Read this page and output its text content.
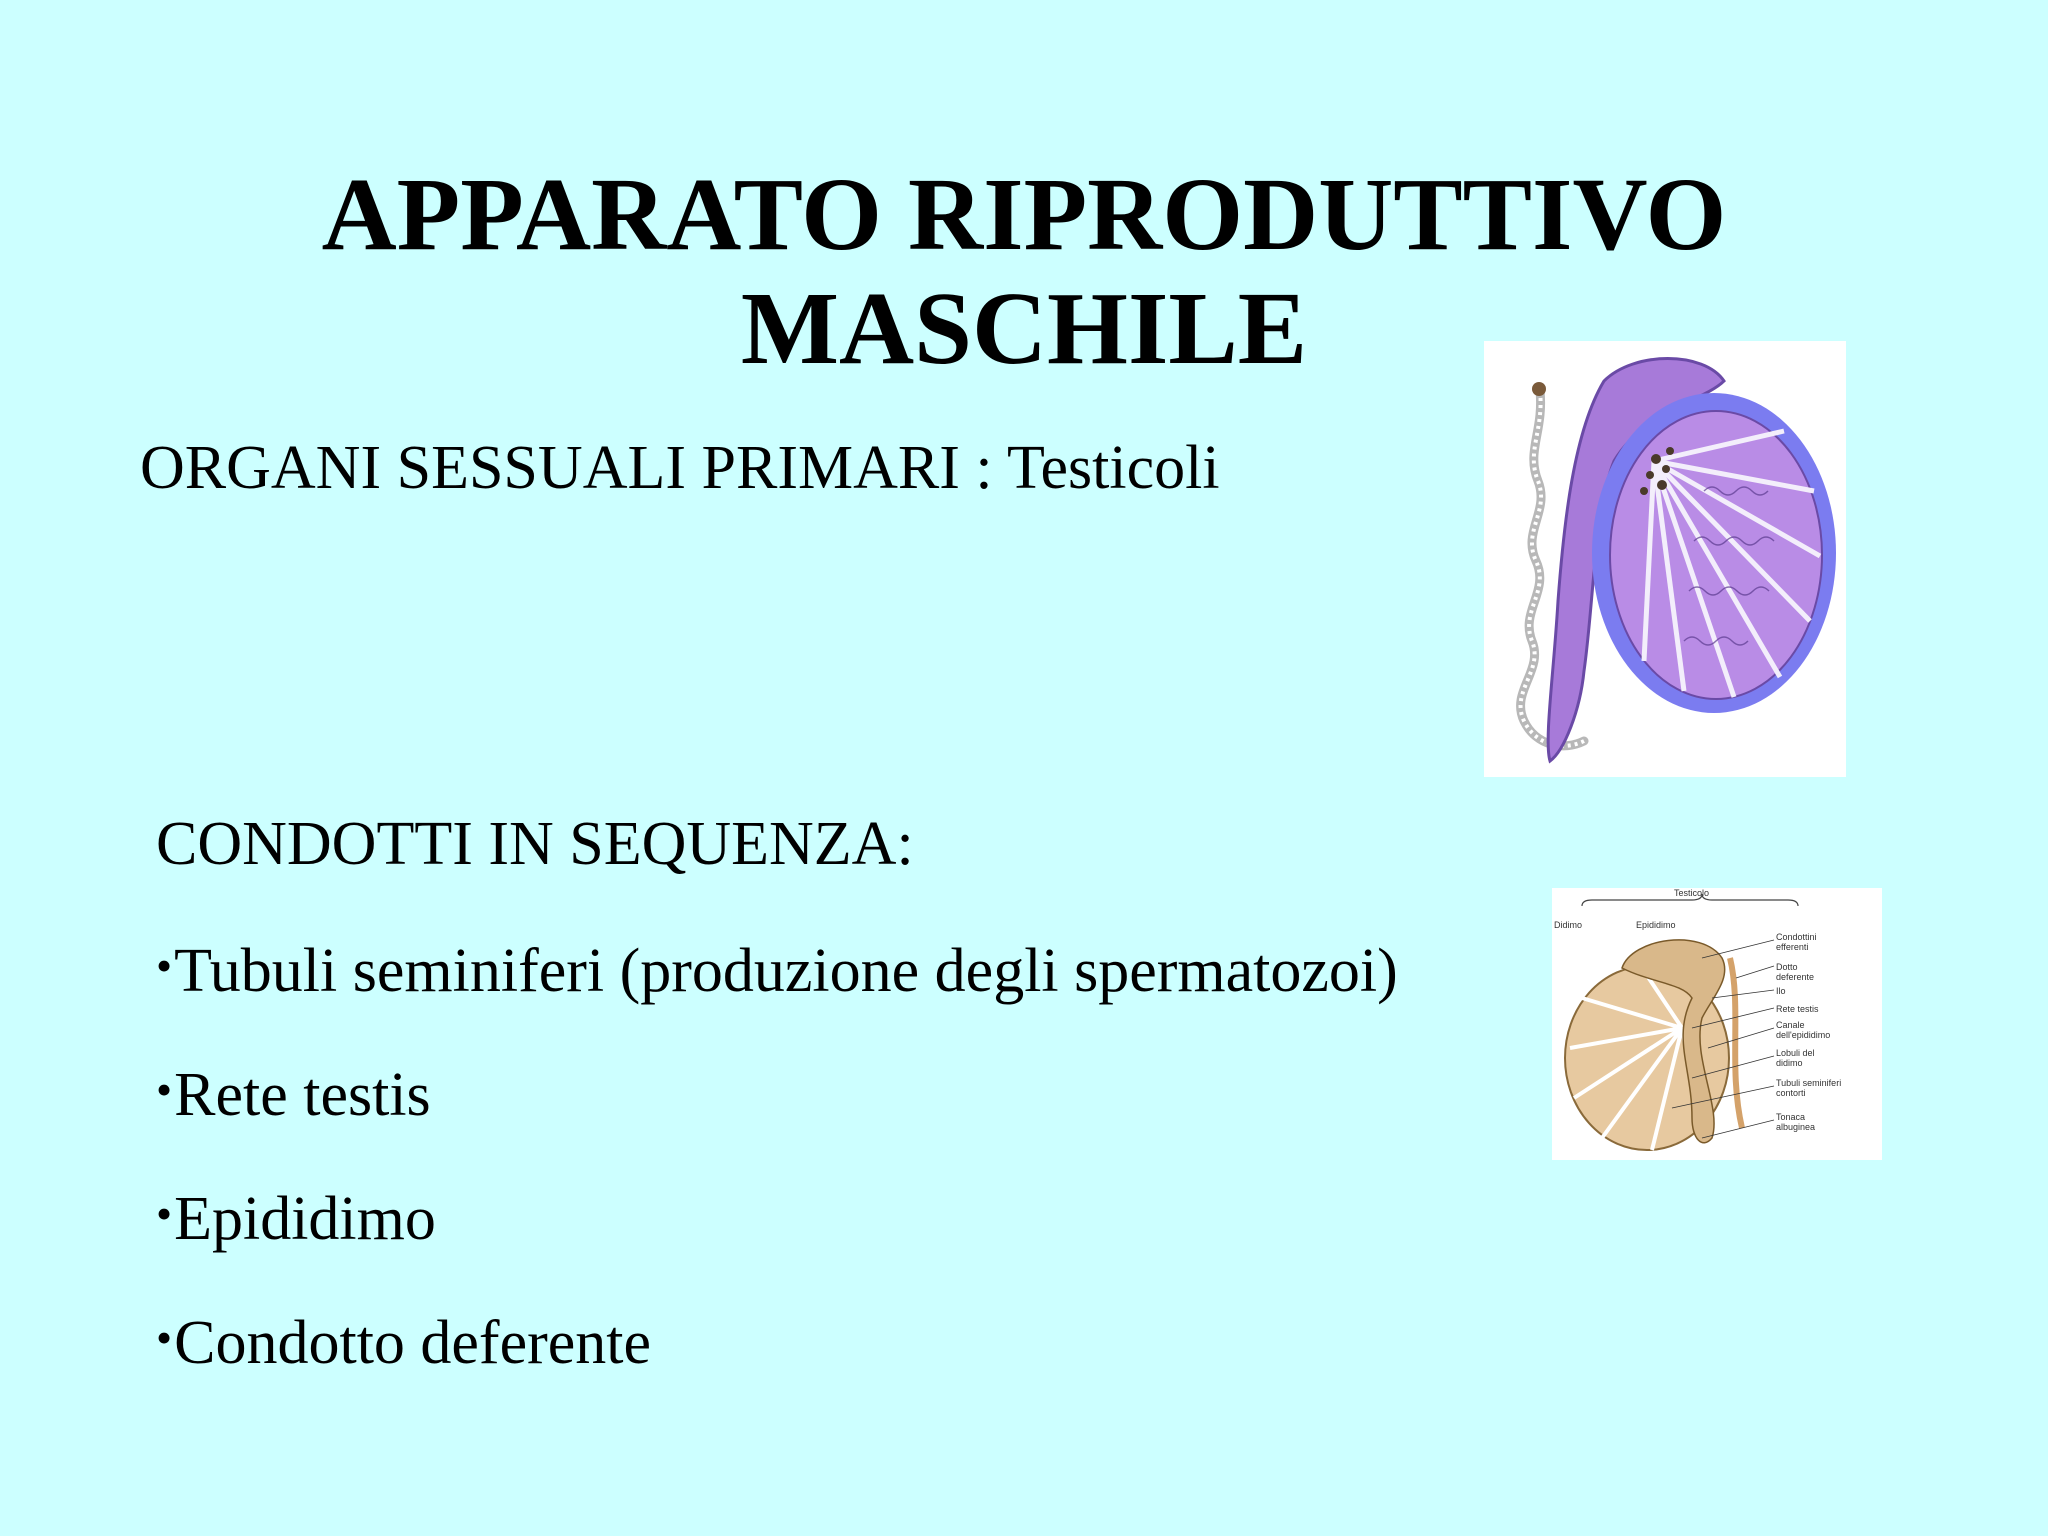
APPARATO RIPRODUTTIVO
MASCHILE

ORGANI SESSUALI PRIMARI : Testicoli

CONDOTTI IN SEQUENZA:

•Tubuli seminiferi (produzione degli spermatozoi)
•Rete testis
•Epididimo
•Condotto deferente
Testicolo
Didimo	Epididimo
Condottini
efferenti
Dotto
deferente
Ilo
Rete testis
Canale
dell'epididimo
Lobuli del
didimo
Tubuli seminiferi
contorti
Tonaca
albuginea
